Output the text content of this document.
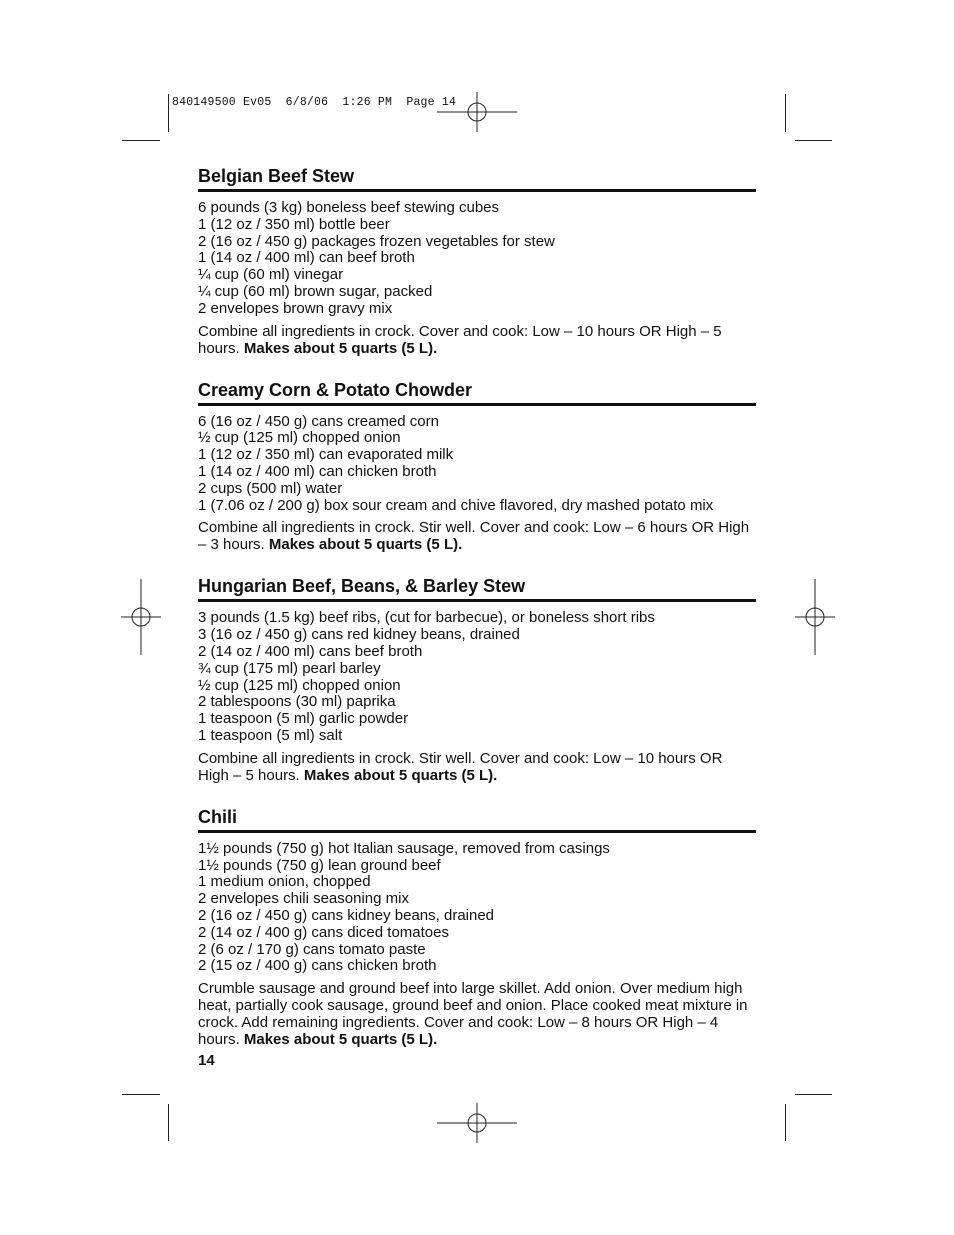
840149500 Ev05  6/8/06  1:26 PM  Page 14
Belgian Beef Stew
6 pounds (3 kg) boneless beef stewing cubes
1 (12 oz / 350 ml) bottle beer
2 (16 oz / 450 g) packages frozen vegetables for stew
1 (14 oz / 400 ml) can beef broth
¼ cup (60 ml) vinegar
¼ cup (60 ml) brown sugar, packed
2 envelopes brown gravy mix

Combine all ingredients in crock. Cover and cook: Low – 10 hours OR High – 5 hours. Makes about 5 quarts (5 L).

Creamy Corn & Potato Chowder
6 (16 oz / 450 g) cans creamed corn
½ cup (125 ml) chopped onion
1 (12 oz / 350 ml) can evaporated milk
1 (14 oz / 400 ml) can chicken broth
2 cups (500 ml) water
1 (7.06 oz / 200 g) box sour cream and chive flavored, dry mashed potato mix

Combine all ingredients in crock. Stir well. Cover and cook: Low – 6 hours OR High – 3 hours. Makes about 5 quarts (5 L).

Hungarian Beef, Beans, & Barley Stew
3 pounds (1.5 kg) beef ribs, (cut for barbecue), or boneless short ribs
3 (16 oz / 450 g) cans red kidney beans, drained
2 (14 oz / 400 ml) cans beef broth
¾ cup (175 ml) pearl barley
½ cup (125 ml) chopped onion
2 tablespoons (30 ml) paprika
1 teaspoon (5 ml) garlic powder
1 teaspoon (5 ml) salt

Combine all ingredients in crock. Stir well. Cover and cook: Low – 10 hours OR High – 5 hours. Makes about 5 quarts (5 L).

Chili
1½ pounds (750 g) hot Italian sausage, removed from casings
1½ pounds (750 g) lean ground beef
1 medium onion, chopped
2 envelopes chili seasoning mix
2 (16 oz / 450 g) cans kidney beans, drained
2 (14 oz / 400 g) cans diced tomatoes
2 (6 oz / 170 g) cans tomato paste
2 (15 oz / 400 g) cans chicken broth

Crumble sausage and ground beef into large skillet. Add onion. Over medium high heat, partially cook sausage, ground beef and onion. Place cooked meat mixture in crock. Add remaining ingredients. Cover and cook: Low – 8 hours OR High – 4 hours. Makes about 5 quarts (5 L).

14
